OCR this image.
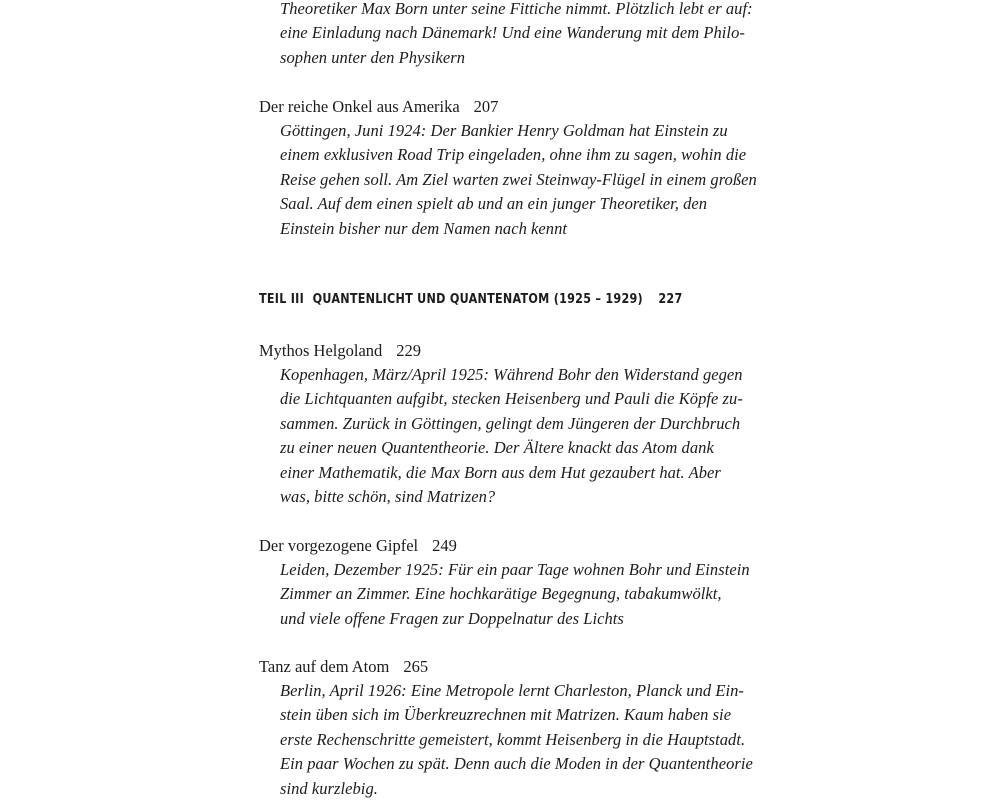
Theoretiker Max Born unter seine Fittiche nimmt. Plötzlich lebt er auf:
eine Einladung nach Dänemark! Und eine Wanderung mit dem Philo-
sophen unter den Physikern
Der reiche Onkel aus Amerika 207
Göttingen, Juni 1924: Der Bankier Henry Goldman hat Einstein zu
einem exklusiven Road Trip eingeladen, ohne ihm zu sagen, wohin die
Reise gehen soll. Am Ziel warten zwei Steinway-Flügel in einem großen
Saal. Auf dem einen spielt ab und an ein junger Theoretiker, den
Einstein bisher nur dem Namen nach kennt
TEIL III QUANTENLICHT UND QUANTENATOM (1925 – 1929) 227
Mythos Helgoland 229
Kopenhagen, März/April 1925: Während Bohr den Widerstand gegen
die Lichtquanten aufgibt, stecken Heisenberg und Pauli die Köpfe zu-
sammen. Zurück in Göttingen, gelingt dem Jüngeren der Durchbruch
zu einer neuen Quantentheorie. Der Ältere knackt das Atom dank
einer Mathematik, die Max Born aus dem Hut gezaubert hat. Aber
was, bitte schön, sind Matrizen?
Der vorgezogene Gipfel 249
Leiden, Dezember 1925: Für ein paar Tage wohnen Bohr und Einstein
Zimmer an Zimmer. Eine hochkarätige Begegnung, tabakumwölkt,
und viele offene Fragen zur Doppelnatur des Lichts
Tanz auf dem Atom 265
Berlin, April 1926: Eine Metropole lernt Charleston, Planck und Ein-
stein üben sich im Überkreuzrechnen mit Matrizen. Kaum haben sie
erste Rechenschritte gemeistert, kommt Heisenberg in die Hauptstadt.
Ein paar Wochen zu spät. Denn auch die Moden in der Quantentheorie
sind kurzlebig.
